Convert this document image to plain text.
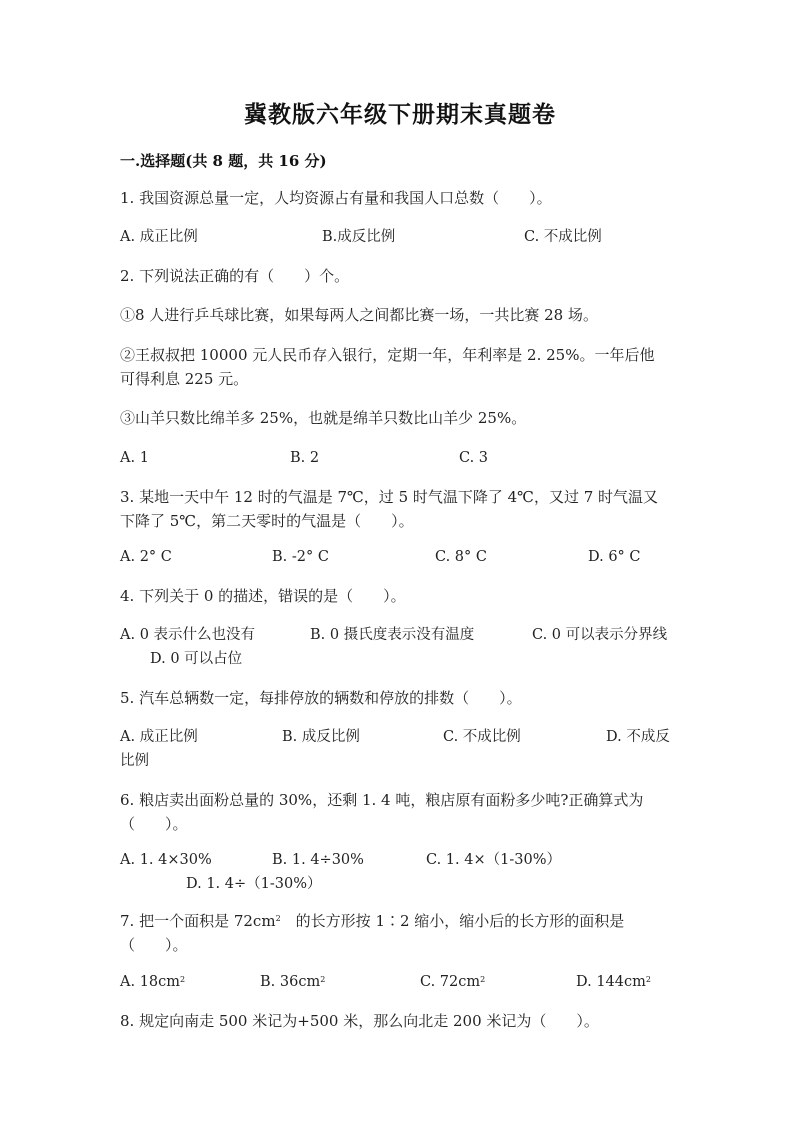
冀教版六年级下册期末真题卷
一.选择题(共 8 题，共 16 分)
1. 我国资源总量一定，人均资源占有量和我国人口总数（　　）。
A. 成正比例	B.成反比例	C. 不成比例
2. 下列说法正确的有（　　）个。
①8 人进行乒乓球比赛，如果每两人之间都比赛一场，一共比赛 28 场。
②王叔叔把 10000 元人民币存入银行，定期一年，年利率是 2. 25%。一年后他
可得利息 225 元。
③山羊只数比绵羊多 25%，也就是绵羊只数比山羊少 25%。
A. 1	B. 2	C. 3
3. 某地一天中午 12 时的气温是 7℃，过 5 时气温下降了 4℃，又过 7 时气温又
下降了 5℃，第二天零时的气温是（　　）。
A. 2° C	B. -2° C	C. 8° C	D. 6° C
4. 下列关于 0 的描述，错误的是（　　）。
A. 0 表示什么也没有	B. 0 摄氏度表示没有温度	C. 0 可以表示分界线
D. 0 可以占位
5. 汽车总辆数一定，每排停放的辆数和停放的排数（　　）。
A. 成正比例	B. 成反比例	C. 不成比例	D. 不成反
比例
6. 粮店卖出面粉总量的 30%，还剩 1. 4 吨，粮店原有面粉多少吨?正确算式为
（　　）。
A. 1. 4×30%	B. 1. 4÷30%	C. 1. 4×（1-30%）
D. 1. 4÷（1-30%）
7. 把一个面积是 $72cm^2$　 的长方形按 1∶2 缩小，缩小后的长方形的面积是
（　　）。
A. $18cm^2$	B. $36cm^2$	C. $72cm^2$	D. $144cm^2$
8. 规定向南走 500 米记为+500 米，那么向北走 200 米记为（　　）。
